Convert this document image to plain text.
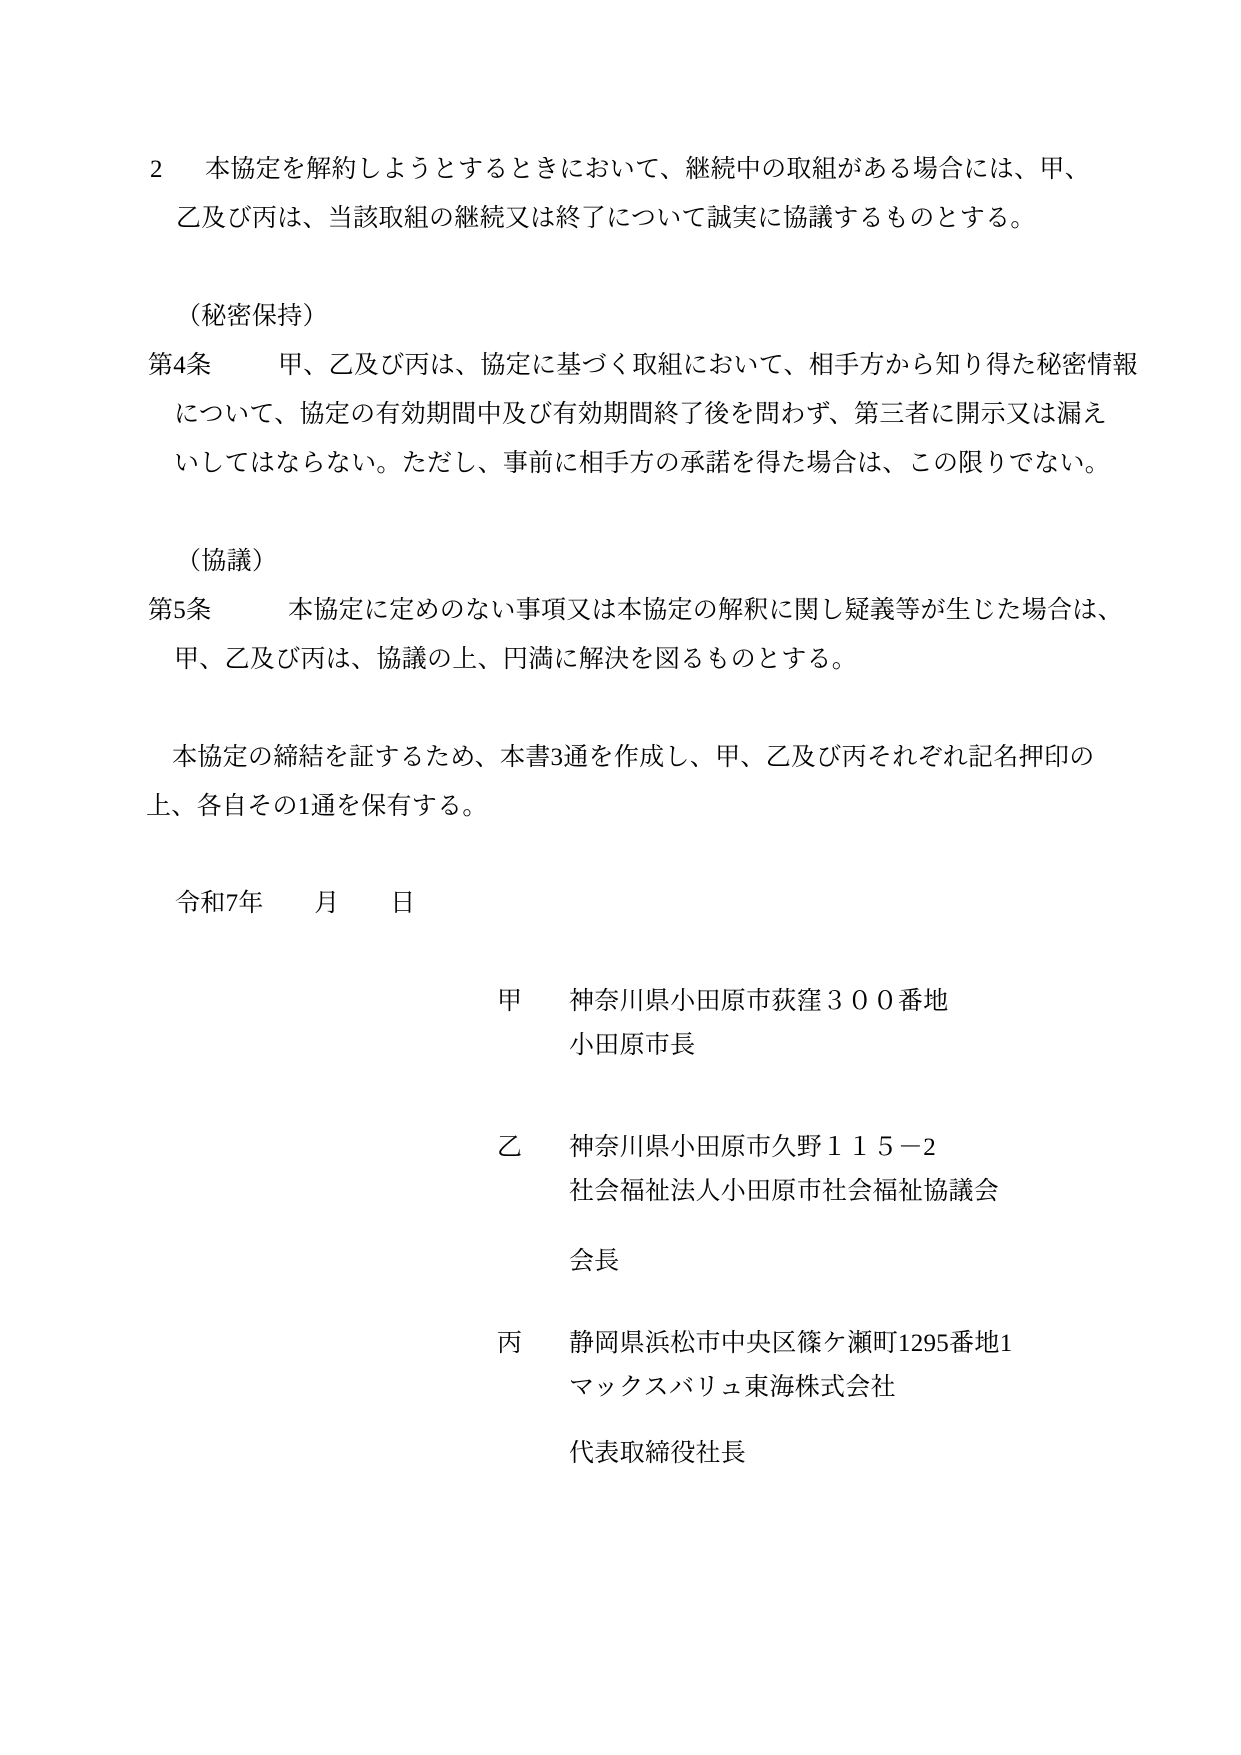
2 本協定を解約しようとするときにおいて、継続中の取組がある場合には、甲、
乙及び丙は、当該取組の継続又は終了について誠実に協議するものとする。
（秘密保持）
第4条	甲、乙及び丙は、協定に基づく取組において、相手方から知り得た秘密情報
について、協定の有効期間中及び有効期間終了後を問わず、第三者に開示又は漏え
いしてはならない。ただし、事前に相手方の承諾を得た場合は、この限りでない。
（協議）
第5条	本協定に定めのない事項又は本協定の解釈に関し疑義等が生じた場合は、
甲、乙及び丙は、協議の上、円満に解決を図るものとする。
本協定の締結を証するため、本書3通を作成し、甲、乙及び丙それぞれ記名押印の
上、各自その1通を保有する。
令和7年　　月　　日
甲 神奈川県小田原市荻窪３００番地
小田原市長
乙 神奈川県小田原市久野１１５－2
社会福祉法人小田原市社会福祉協議会
会長
丙 静岡県浜松市中央区篠ケ瀬町1295番地1
マックスバリュ東海株式会社
代表取締役社長
